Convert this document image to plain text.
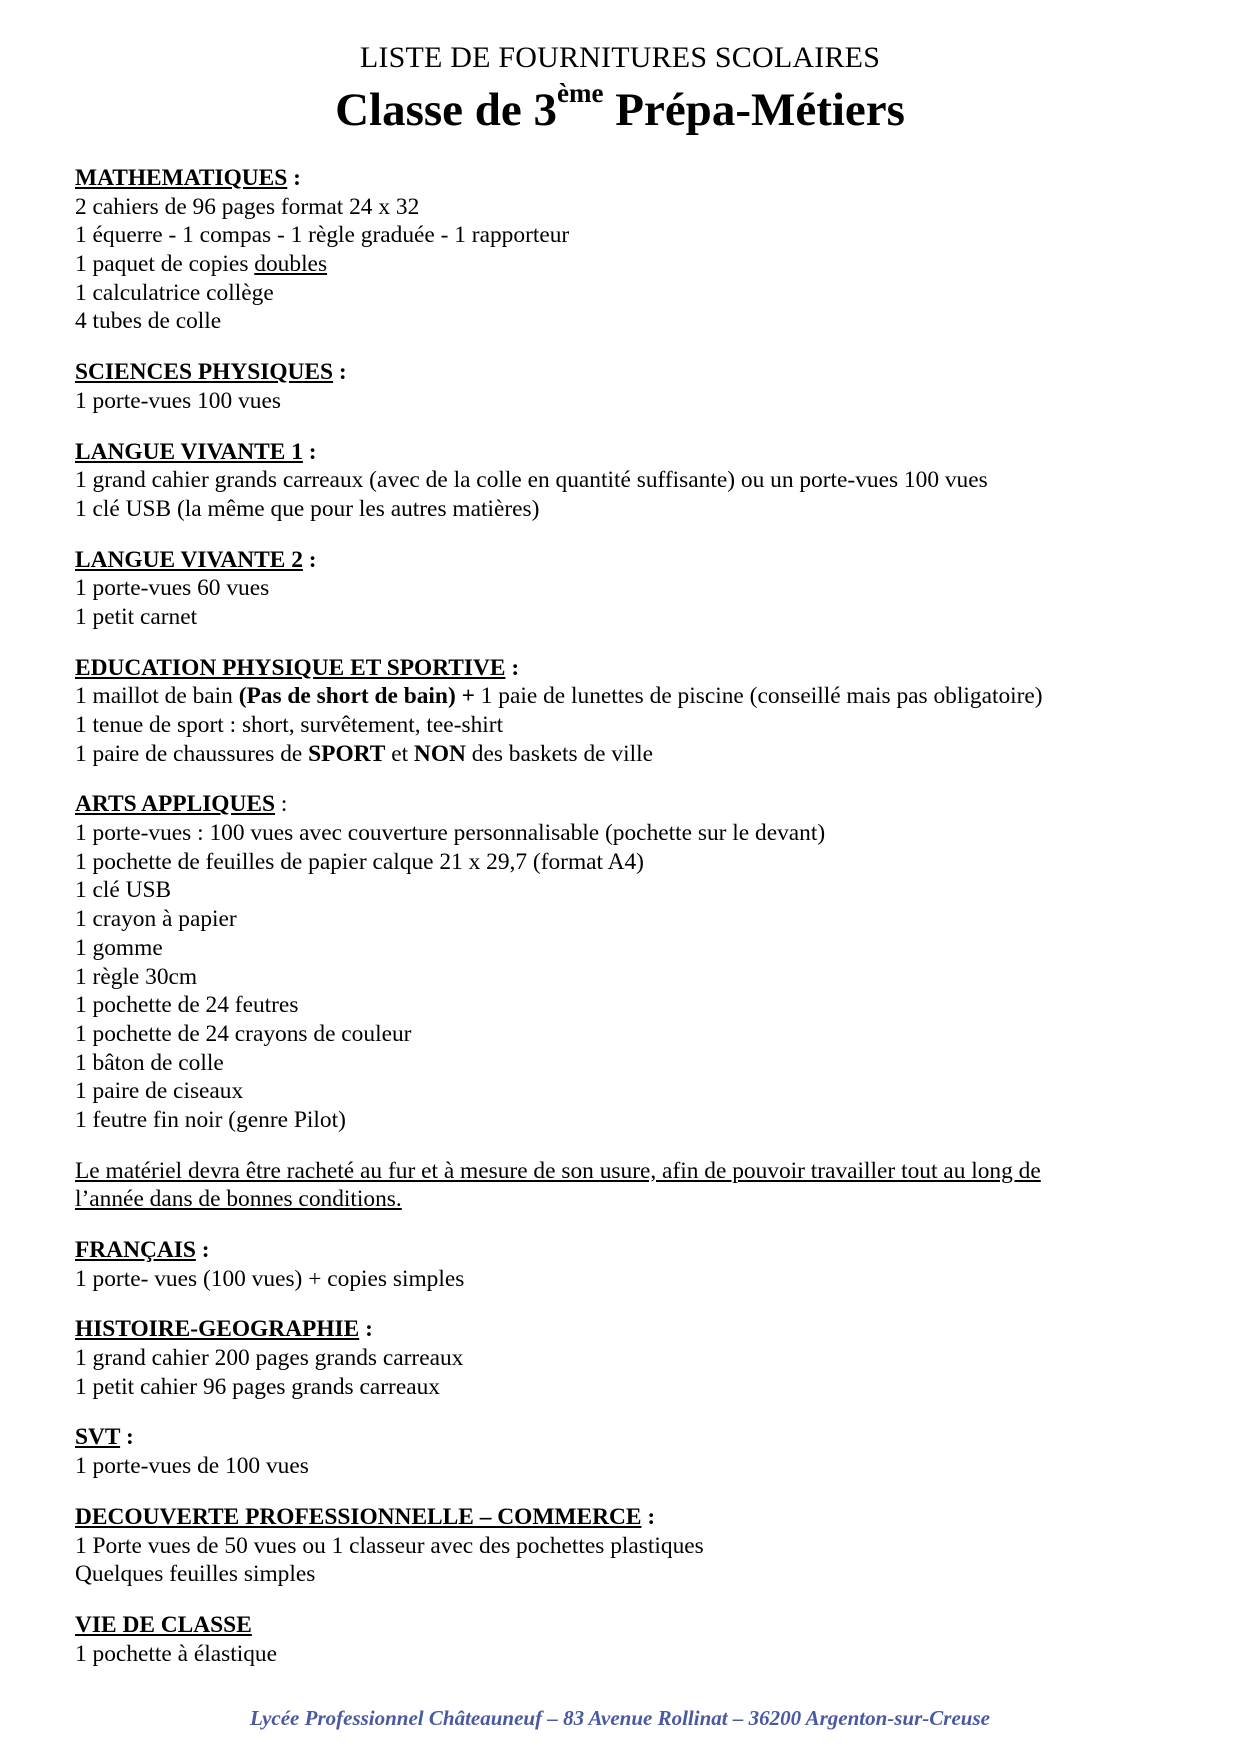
LISTE DE FOURNITURES SCOLAIRES
Classe de 3ème Prépa-Métiers
MATHEMATIQUES :
2 cahiers de 96 pages format 24 x 32
1 équerre - 1 compas - 1 règle graduée - 1 rapporteur
1 paquet de copies doubles
1 calculatrice collège
4 tubes de colle
SCIENCES PHYSIQUES :
1 porte-vues 100 vues
LANGUE VIVANTE 1 :
1 grand cahier grands carreaux (avec de la colle en quantité suffisante) ou un porte-vues 100 vues
1 clé USB (la même que pour les autres matières)
LANGUE VIVANTE 2 :
1 porte-vues 60 vues
1 petit carnet
EDUCATION PHYSIQUE ET SPORTIVE :
1 maillot de bain (Pas de short de bain) + 1 paie de lunettes de piscine (conseillé mais pas obligatoire)
1 tenue de sport : short, survêtement, tee-shirt
1 paire de chaussures de SPORT et NON des baskets de ville
ARTS APPLIQUES :
1 porte-vues : 100 vues avec couverture personnalisable (pochette sur le devant)
1 pochette de feuilles de papier calque 21 x 29,7 (format A4)
1 clé USB
1 crayon à papier
1 gomme
1 règle 30cm
1 pochette de 24 feutres
1 pochette de 24 crayons de couleur
1 bâton de colle
1 paire de ciseaux
1 feutre fin noir (genre Pilot)
Le matériel devra être racheté au fur et à mesure de son usure, afin de pouvoir travailler tout au long de
l’année dans de bonnes conditions.
FRANÇAIS :
1 porte- vues (100 vues) + copies simples
HISTOIRE-GEOGRAPHIE :
1 grand cahier 200 pages grands carreaux
1 petit cahier 96 pages grands carreaux
SVT :
1 porte-vues de 100 vues
DECOUVERTE PROFESSIONNELLE – COMMERCE :
1 Porte vues de 50 vues ou 1 classeur avec des pochettes plastiques
Quelques feuilles simples
VIE DE CLASSE
1 pochette à élastique
Lycée Professionnel Châteauneuf – 83 Avenue Rollinat – 36200 Argenton-sur-Creuse
